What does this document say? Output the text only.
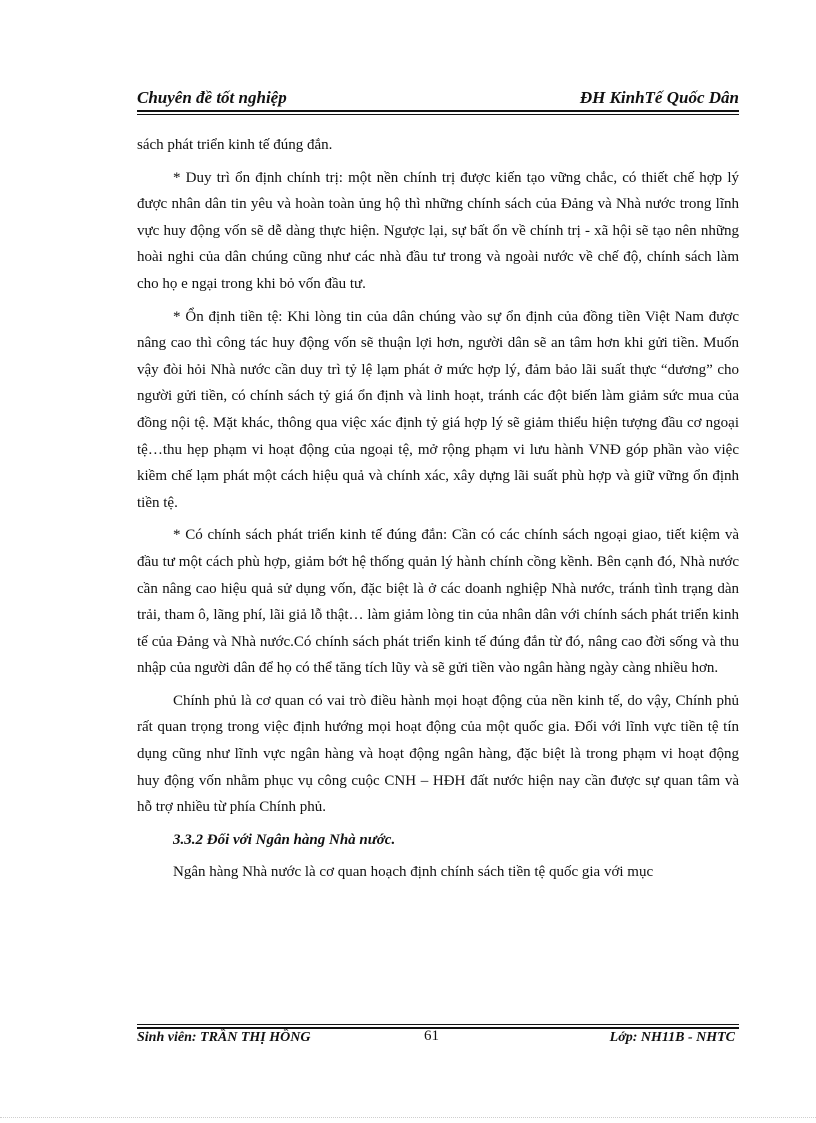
Chuyên đề tốt nghiệp	ĐH KinhTế Quốc Dân

sách phát triển kinh tế đúng đắn.

* Duy trì ổn định chính trị: một nền chính trị được kiến tạo vững chắc, có thiết chế hợp lý được nhân dân tin yêu và hoàn toàn ủng hộ thì những chính sách của Đảng và Nhà nước trong lĩnh vực huy động vốn sẽ dễ dàng thực hiện. Ngược lại, sự bất ổn về chính trị - xã hội sẽ tạo nên những hoài nghi của dân chúng cũng như các nhà đầu tư trong và ngoài nước về chế độ, chính sách làm cho họ e ngại trong khi bỏ vốn đầu tư.

* Ổn định tiền tệ: Khi lòng tin của dân chúng vào sự ổn định của đồng tiền Việt Nam được nâng cao thì công tác huy động vốn sẽ thuận lợi hơn, người dân sẽ an tâm hơn khi gửi tiền. Muốn vậy đòi hỏi Nhà nước cần duy trì tỷ lệ lạm phát ở mức hợp lý, đảm bảo lãi suất thực “dương” cho người gửi tiền, có chính sách tỷ giá ổn định và linh hoạt, tránh các đột biến làm giảm sức mua của đồng nội tệ. Mặt khác, thông qua việc xác định tỷ giá hợp lý sẽ giảm thiểu hiện tượng đầu cơ ngoại tệ…thu hẹp phạm vi hoạt động của ngoại tệ, mở rộng phạm vi lưu hành VNĐ góp phần vào việc kiềm chế lạm phát một cách hiệu quả và chính xác, xây dựng lãi suất phù hợp và giữ vững ổn định tiền tệ.

* Có chính sách phát triển kinh tế đúng đắn: Cần có các chính sách ngoại giao, tiết kiệm và đầu tư một cách phù hợp, giảm bớt hệ thống quản lý hành chính cồng kềnh. Bên cạnh đó, Nhà nước cần nâng cao hiệu quả sử dụng vốn, đặc biệt là ở các doanh nghiệp Nhà nước, tránh tình trạng dàn trải, tham ô, lãng phí, lãi giả lỗ thật… làm giảm lòng tin của nhân dân với chính sách phát triển kinh tế của Đảng và Nhà nước.Có chính sách phát triển kinh tế đúng đắn từ đó, nâng cao đời sống và thu nhập của người dân để họ có thể tăng tích lũy và sẽ gửi tiền vào ngân hàng ngày càng nhiều hơn.

Chính phủ là cơ quan có vai trò điều hành mọi hoạt động của nền kinh tế, do vậy, Chính phủ rất quan trọng trong việc định hướng mọi hoạt động của một quốc gia. Đối với lĩnh vực tiền tệ tín dụng cũng như lĩnh vực ngân hàng và hoạt động ngân hàng, đặc biệt là trong phạm vi hoạt động huy động vốn nhằm phục vụ công cuộc CNH – HĐH đất nước hiện nay cần được sự quan tâm và hỗ trợ nhiều từ phía Chính phủ.

3.3.2 Đối với Ngân hàng Nhà nước.

Ngân hàng Nhà nước là cơ quan hoạch định chính sách tiền tệ quốc gia với mục

Sinh viên: TRẦN THỊ HỒNG	61	Lớp: NH11B - NHTC
